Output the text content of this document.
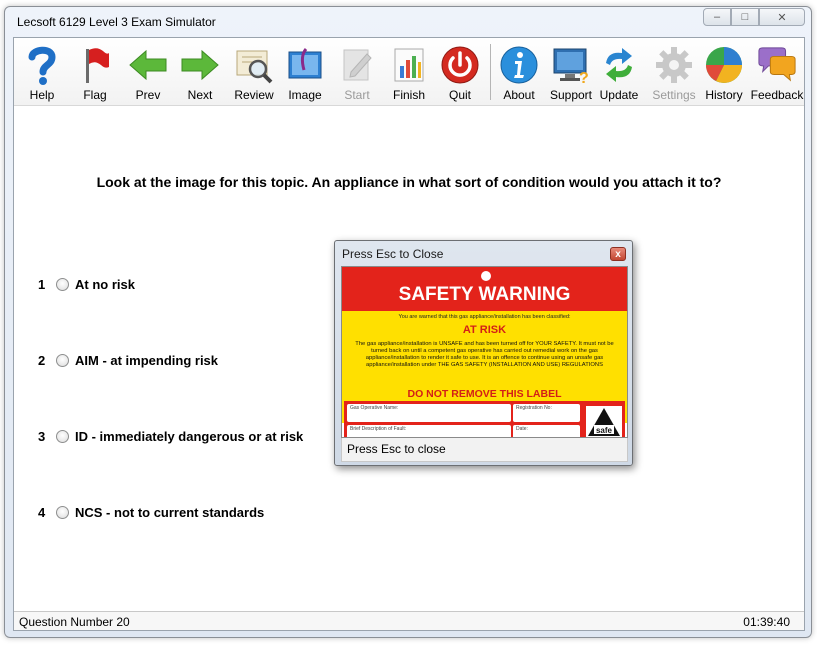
Lecsoft 6129 Level 3 Exam Simulator	– □	✕
Help Flag Prev Next Review Image Start Finish Quit	About
?
Support Update Settings History Feedback
Look at the image for this topic. An appliance in what sort of condition would you attach it to?
1	At no risk
2	AIM - at impending risk
3	ID - immediately dangerous or at risk
4	NCS - not to current standards
Question Number 20	01:39:40
Press Esc to Close	x
SAFETY WARNING
You are warned that this gas appliance/installation has been classified:
AT RISK
The gas appliance/installation is UNSAFE and has been turned off for YOUR SAFETY. It must not be turned back on until a competent gas operative has carried out remedial work on the gas appliance/installation to render it safe to use. It is an offence to continue using an unsafe gas appliance/installation under THE GAS SAFETY (INSTALLATION AND USE) REGULATIONS
DO NOT REMOVE THIS LABEL
Gas Operative Name:	Registration No:
Brief Description of Fault:	Date:	safe
Press Esc to close
